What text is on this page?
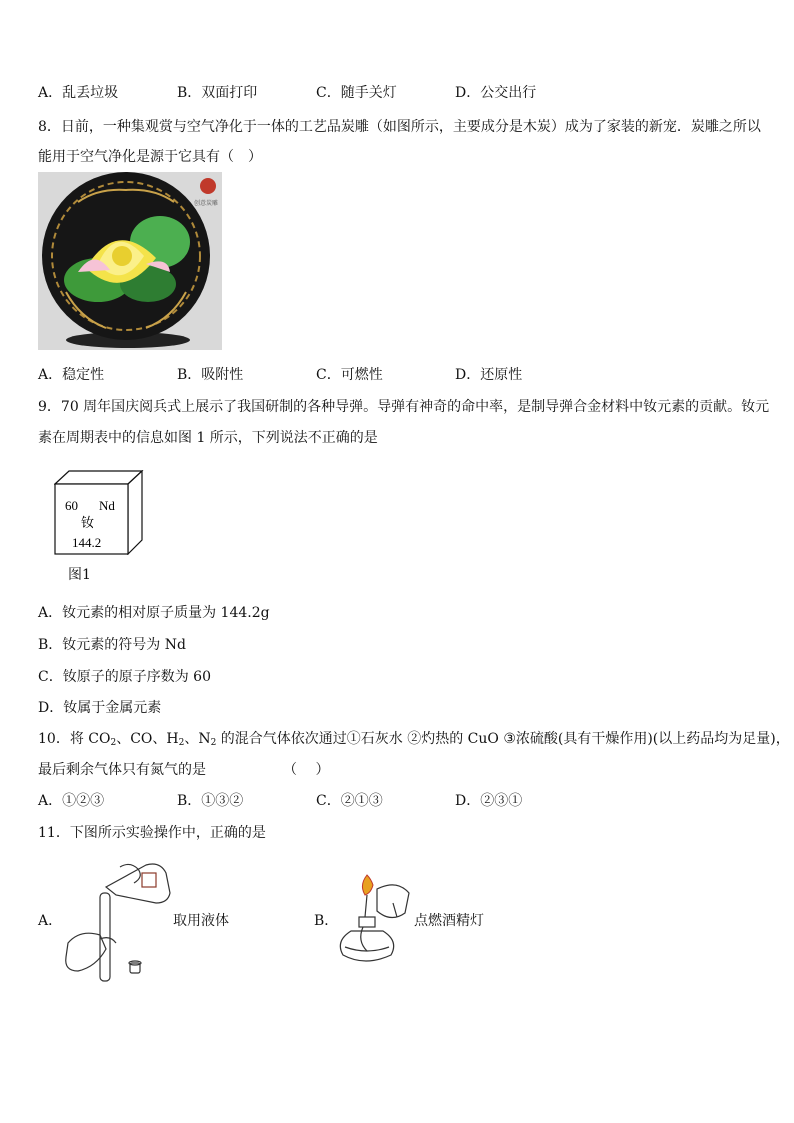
A．乱丢垃圾	B．双面打印	C．随手关灯	D．公交出行
8．日前，一种集观赏与空气净化于一体的工艺品炭雕（如图所示，主要成分是木炭）成为了家装的新宠．炭雕之所以
能用于空气净化是源于它具有（　）
创意炭雕
A．稳定性	B．吸附性	C．可燃性	D．还原性
9．70 周年国庆阅兵式上展示了我国研制的各种导弹。导弹有神奇的命中率，是制导弹合金材料中钕元素的贡献。钕元
素在周期表中的信息如图 1 所示，下列说法不正确的是
60 Nd
钕
144.2
图1
A．钕元素的相对原子质量为 144.2g
B．钕元素的符号为 Nd
C．钕原子的原子序数为 60
D．钕属于金属元素
10．将 $CO_2$、CO、$H_2$、$N_2$ 的混合气体依次通过①石灰水 ②灼热的 CuO ③浓硫酸(具有干燥作用)(以上药品均为足量)，
最后剩余气体只有氮气的是　　　　　　（　 ）
A．①②③	B．①③②	C．②①③	D．②③①
11．下图所示实验操作中，正确的是
A．	取用液体	B．	点燃酒精灯
